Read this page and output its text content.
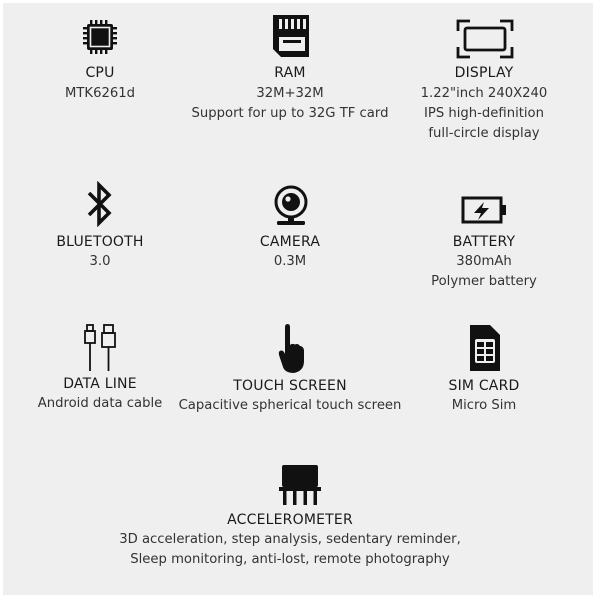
CPU
MTK6261d
RAM
32M+32M
Support for up to 32G TF card
DISPLAY
1.22"inch 240X240
IPS high-definition
full-circle display
BLUETOOTH
3.0
CAMERA
0.3M
BATTERY
380mAh
Polymer battery
DATA LINE
Android data cable
TOUCH SCREEN
Capacitive spherical touch screen
SIM CARD
Micro Sim
ACCELEROMETER
3D acceleration, step analysis, sedentary reminder,
Sleep monitoring, anti-lost, remote photography
